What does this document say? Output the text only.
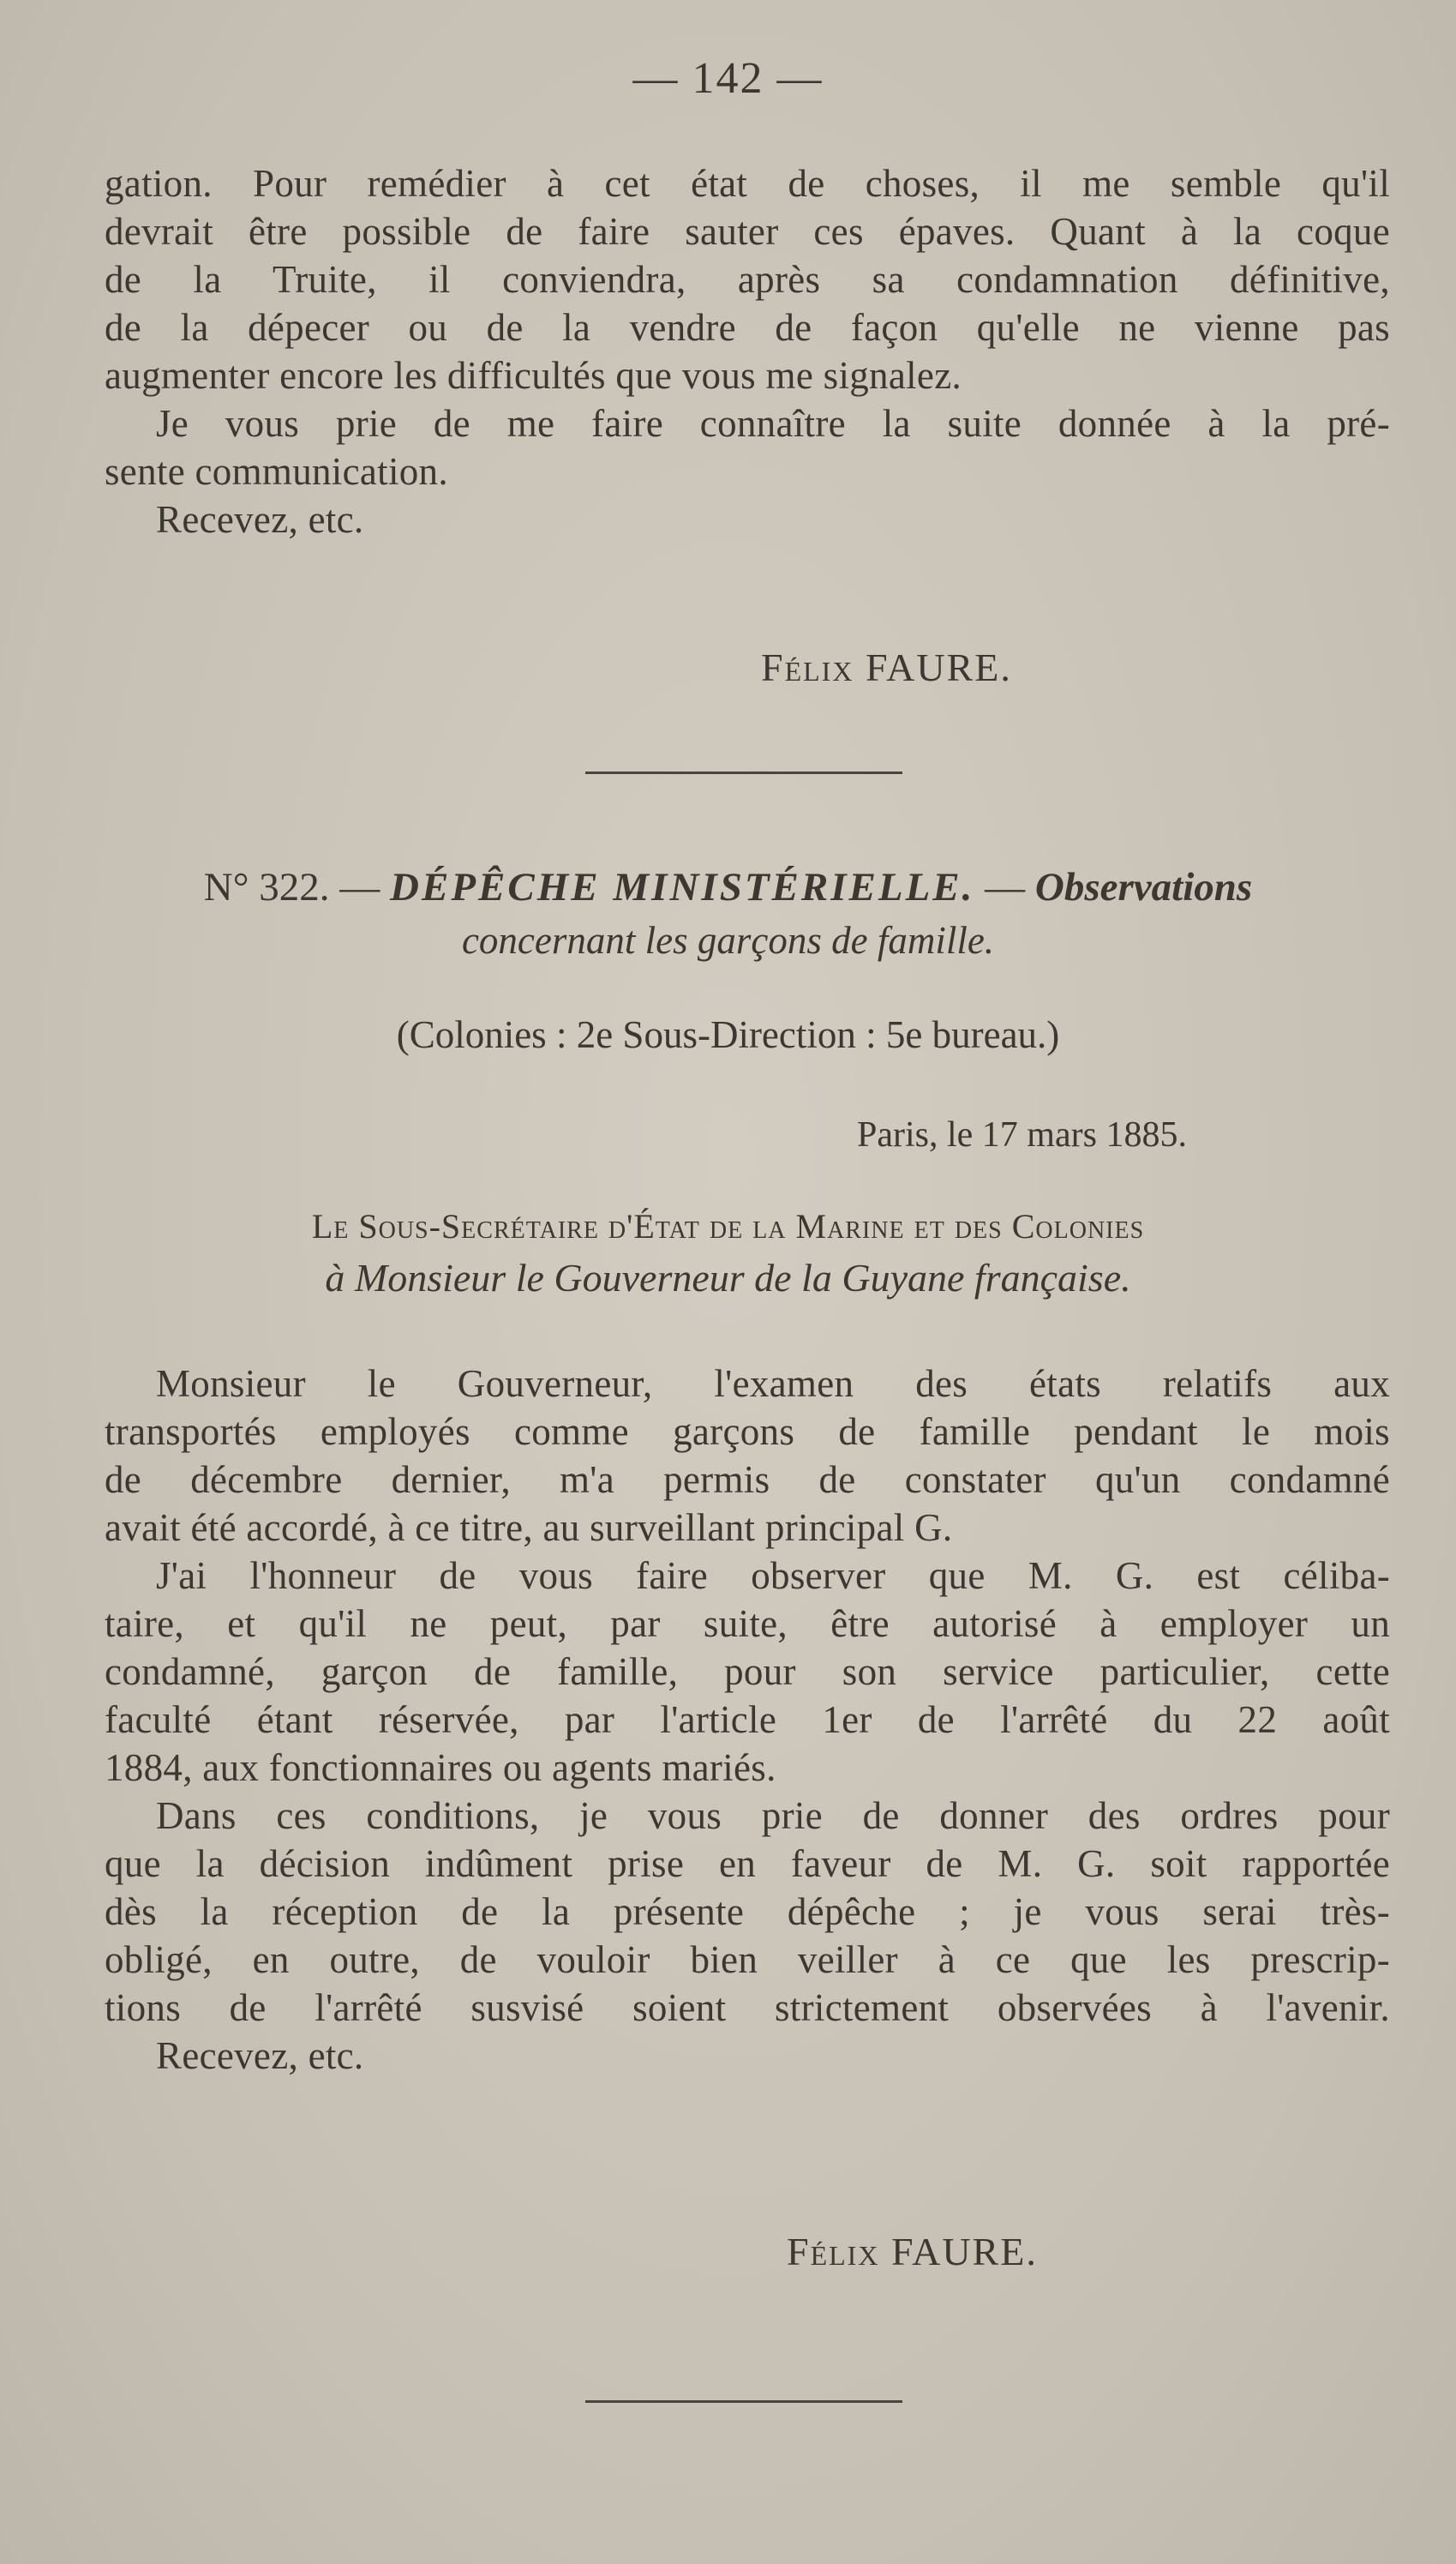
— 142 —
gation. Pour remédier à cet état de choses, il me semble qu'il
devrait être possible de faire sauter ces épaves. Quant à la coque
de la Truite, il conviendra, après sa condamnation définitive,
de la dépecer ou de la vendre de façon qu'elle ne vienne pas
augmenter encore les difficultés que vous me signalez.
Je vous prie de me faire connaître la suite donnée à la pré-
sente communication.
Recevez, etc.
Félix FAURE.
N° 322. — DÉPÊCHE MINISTÉRIELLE. — Observations
concernant les garçons de famille.
(Colonies : 2e Sous-Direction : 5e bureau.)
Paris, le 17 mars 1885.
Le Sous-Secrétaire d'État de la Marine et des Colonies
à Monsieur le Gouverneur de la Guyane française.
Monsieur le Gouverneur, l'examen des états relatifs aux
transportés employés comme garçons de famille pendant le mois
de décembre dernier, m'a permis de constater qu'un condamné
avait été accordé, à ce titre, au surveillant principal G.
J'ai l'honneur de vous faire observer que M. G. est céliba-
taire, et qu'il ne peut, par suite, être autorisé à employer un
condamné, garçon de famille, pour son service particulier, cette
faculté étant réservée, par l'article 1er de l'arrêté du 22 août
1884, aux fonctionnaires ou agents mariés.
Dans ces conditions, je vous prie de donner des ordres pour
que la décision indûment prise en faveur de M. G. soit rapportée
dès la réception de la présente dépêche ; je vous serai très-
obligé, en outre, de vouloir bien veiller à ce que les prescrip-
tions de l'arrêté susvisé soient strictement observées à l'avenir.
Recevez, etc.
Félix FAURE.
